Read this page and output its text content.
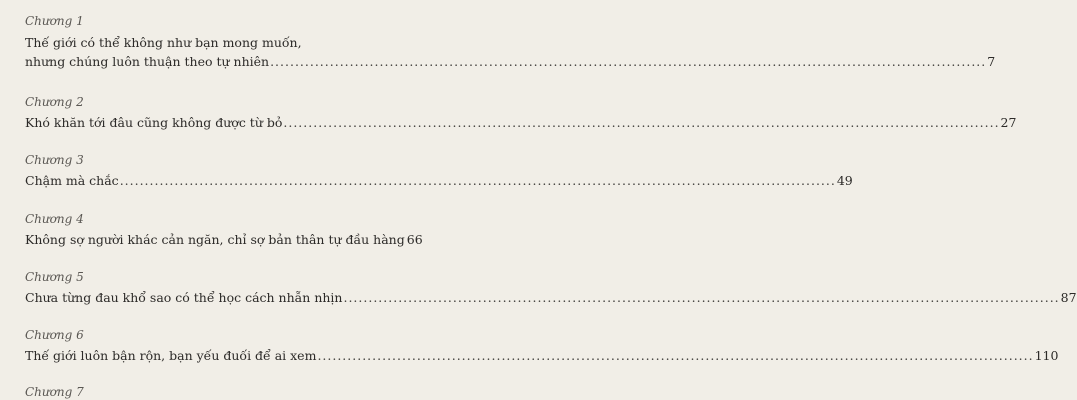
Chương 1
Thế giới có thể không như bạn mong muốn,
nhưng chúng luôn thuận theo tự nhiên .....	7
Chương 2
Khó khăn tới đâu cũng không được từ bỏ .....	27
Chương 3
Chậm mà chắc .....	49
Chương 4
Không sợ người khác cản ngăn, chỉ sợ bản thân tự đầu hàng 66
Chương 5
Chưa từng đau khổ sao có thể học cách nhẫn nhịn .....	87
Chương 6
Thế giới luôn bận rộn, bạn yếu đuối để ai xem .....	110
Chương 7
